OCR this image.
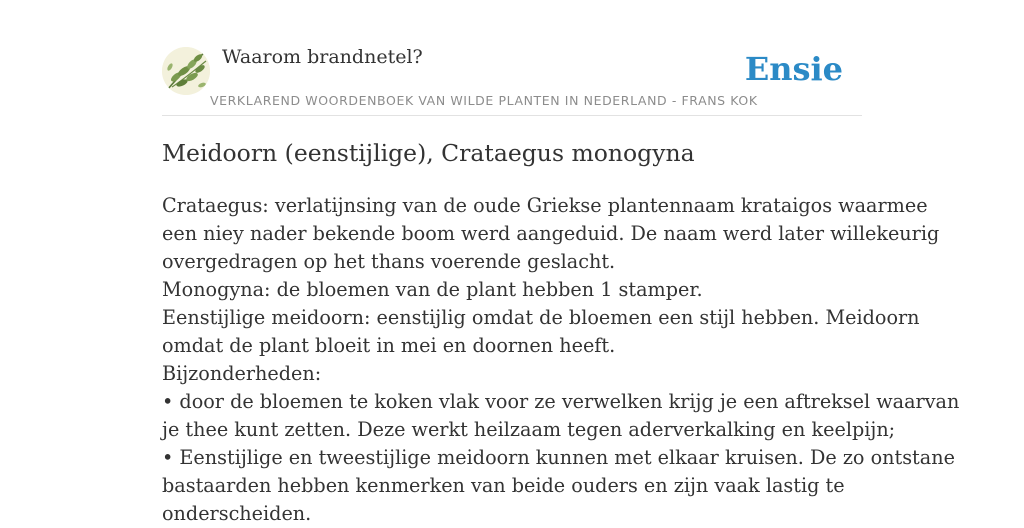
Waarom brandnetel?	Ensie
VERKLAREND WOORDENBOEK VAN WILDE PLANTEN IN NEDERLAND - FRANS KOK
Meidoorn (eenstijlige), Crataegus monogyna
Crataegus: verlatijnsing van de oude Griekse plantennaam krataigos waarmee
een niey nader bekende boom werd aangeduid. De naam werd later willekeurig
overgedragen op het thans voerende geslacht.
Monogyna: de bloemen van de plant hebben 1 stamper.
Eenstijlige meidoorn: eenstijlig omdat de bloemen een stijl hebben. Meidoorn
omdat de plant bloeit in mei en doornen heeft.
Bijzonderheden:
• door de bloemen te koken vlak voor ze verwelken krijg je een aftreksel waarvan
je thee kunt zetten. Deze werkt heilzaam tegen aderverkalking en keelpijn;
• Eenstijlige en tweestijlige meidoorn kunnen met elkaar kruisen. De zo ontstane
bastaarden hebben kenmerken van beide ouders en zijn vaak lastig te
onderscheiden.
